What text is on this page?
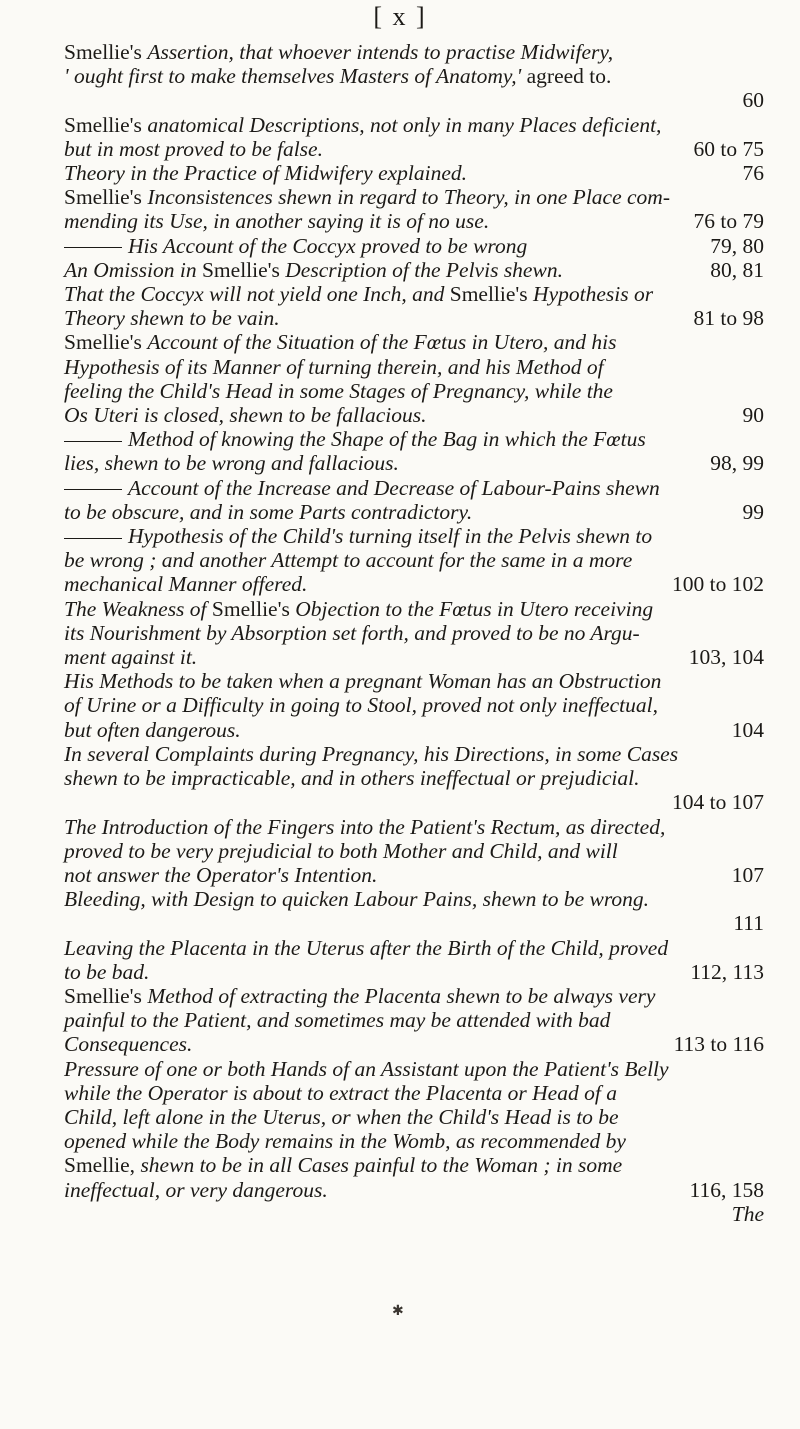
[ x ]
Smellie's Assertion, that whoever intends to practise Midwifery,
' ought first to make themselves Masters of Anatomy,' agreed to.
60
Smellie's anatomical Descriptions, not only in many Places deficient,
but in most proved to be false.	60 to 75
Theory in the Practice of Midwifery explained.	76
Smellie's Inconsistences shewn in regard to Theory, in one Place com-
mending its Use, in another saying it is of no use.	76 to 79
His Account of the Coccyx proved to be wrong	79, 80
An Omission in Smellie's Description of the Pelvis shewn.	80, 81
That the Coccyx will not yield one Inch, and Smellie's Hypothesis or
Theory shewn to be vain.	81 to 98
Smellie's Account of the Situation of the Fœtus in Utero, and his
Hypothesis of its Manner of turning therein, and his Method of
feeling the Child's Head in some Stages of Pregnancy, while the
Os Uteri is closed, shewn to be fallacious.	90
Method of knowing the Shape of the Bag in which the Fœtus
lies, shewn to be wrong and fallacious.	98, 99
Account of the Increase and Decrease of Labour-Pains shewn
to be obscure, and in some Parts contradictory.	99
Hypothesis of the Child's turning itself in the Pelvis shewn to
be wrong ; and another Attempt to account for the same in a more
mechanical Manner offered.	100 to 102
The Weakness of Smellie's Objection to the Fœtus in Utero receiving
its Nourishment by Absorption set forth, and proved to be no Argu-
ment against it.	103, 104
His Methods to be taken when a pregnant Woman has an Obstruction
of Urine or a Difficulty in going to Stool, proved not only ineffectual,
but often dangerous.	104
In several Complaints during Pregnancy, his Directions, in some Cases
shewn to be impracticable, and in others ineffectual or prejudicial.
104 to 107
The Introduction of the Fingers into the Patient's Rectum, as directed,
proved to be very prejudicial to both Mother and Child, and will
not answer the Operator's Intention.	107
Bleeding, with Design to quicken Labour Pains, shewn to be wrong.
111
Leaving the Placenta in the Uterus after the Birth of the Child, proved
to be bad.	112, 113
Smellie's Method of extracting the Placenta shewn to be always very
painful to the Patient, and sometimes may be attended with bad
Consequences.	113 to 116
Pressure of one or both Hands of an Assistant upon the Patient's Belly
while the Operator is about to extract the Placenta or Head of a
Child, left alone in the Uterus, or when the Child's Head is to be
opened while the Body remains in the Womb, as recommended by
Smellie, shewn to be in all Cases painful to the Woman ; in some
ineffectual, or very dangerous.	116, 158
The
✱
